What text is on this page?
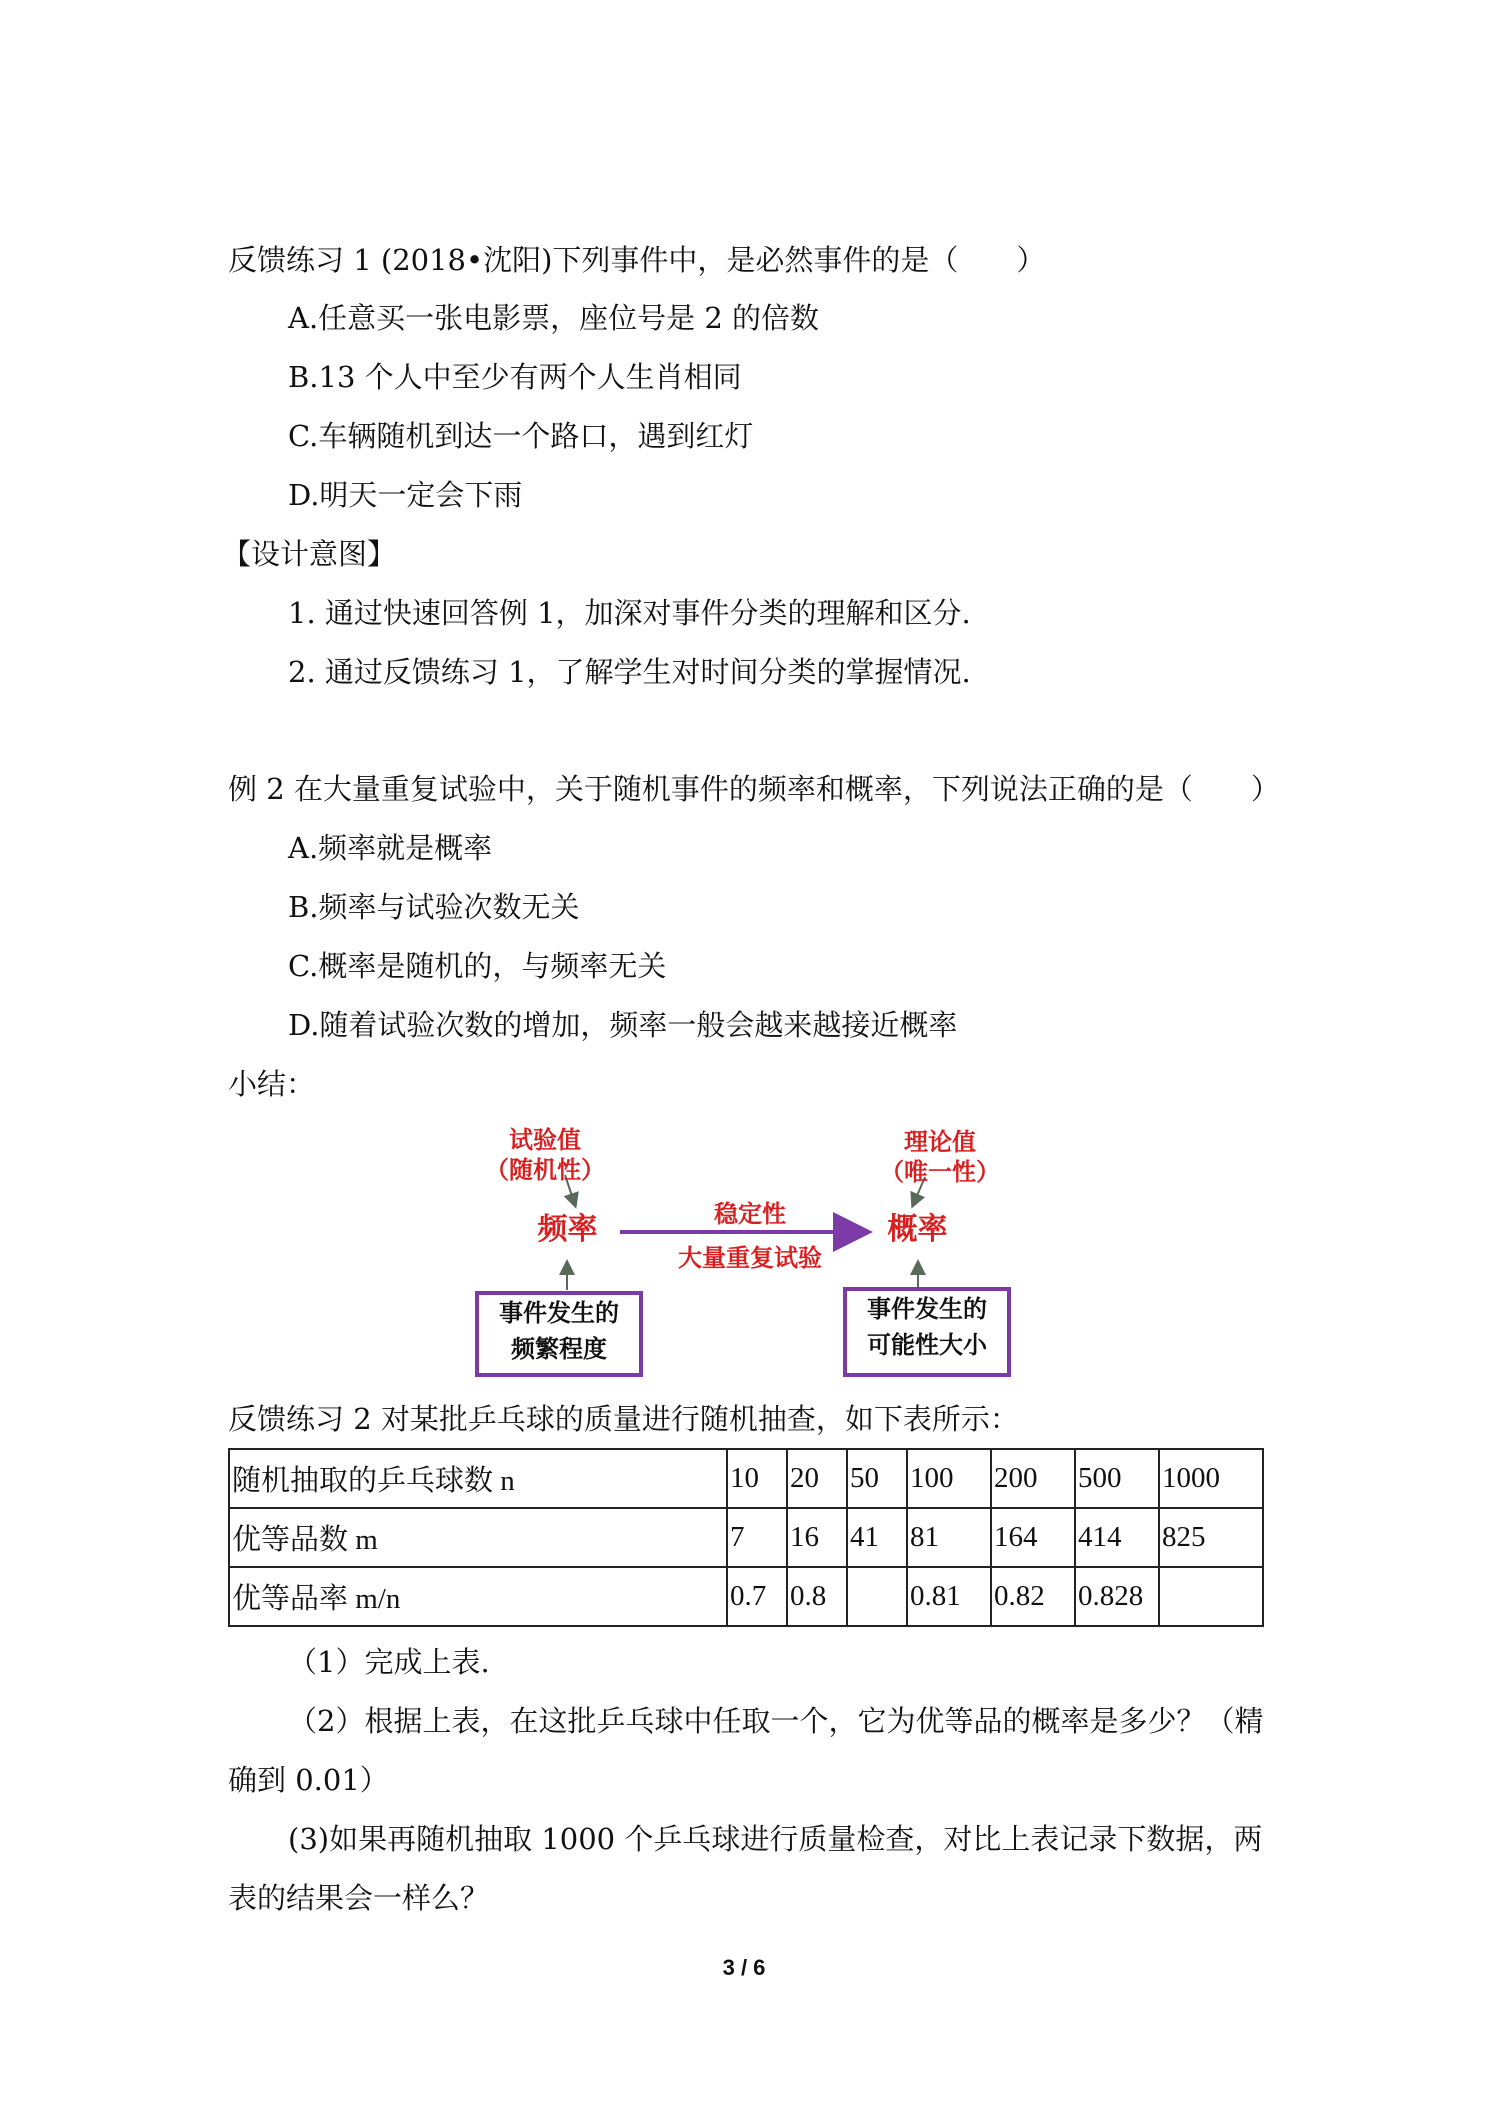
反馈练习 1 (2018•沈阳)下列事件中，是必然事件的是（　　）
A.任意买一张电影票，座位号是 2 的倍数
B.13 个人中至少有两个人生肖相同
C.车辆随机到达一个路口，遇到红灯
D.明天一定会下雨
【设计意图】
1. 通过快速回答例 1，加深对事件分类的理解和区分.
2. 通过反馈练习 1，了解学生对时间分类的掌握情况.
例 2 在大量重复试验中，关于随机事件的频率和概率，下列说法正确的是（　　）
A.频率就是概率
B.频率与试验次数无关
C.概率是随机的，与频率无关
D.随着试验次数的增加，频率一般会越来越接近概率
小结：
试验值
（随机性）
频率	稳定性
大量重复试验
概率
理论值
（唯一性）
事件发生的
频繁程度
事件发生的
可能性大小
反馈练习 2 对某批乒乓球的质量进行随机抽查，如下表所示：
随机抽取的乒乓球数 n	10	20	50	100	200	500	1000
优等品数 m	7	16	41	81	164	414	825
优等品率 m/n	0.7	0.8		0.81	0.82	0.828	
（1）完成上表.
（2）根据上表，在这批乒乓球中任取一个，它为优等品的概率是多少？（精
确到 0.01）
(3)如果再随机抽取 1000 个乒乓球进行质量检查，对比上表记录下数据，两
表的结果会一样么？
3 / 6
